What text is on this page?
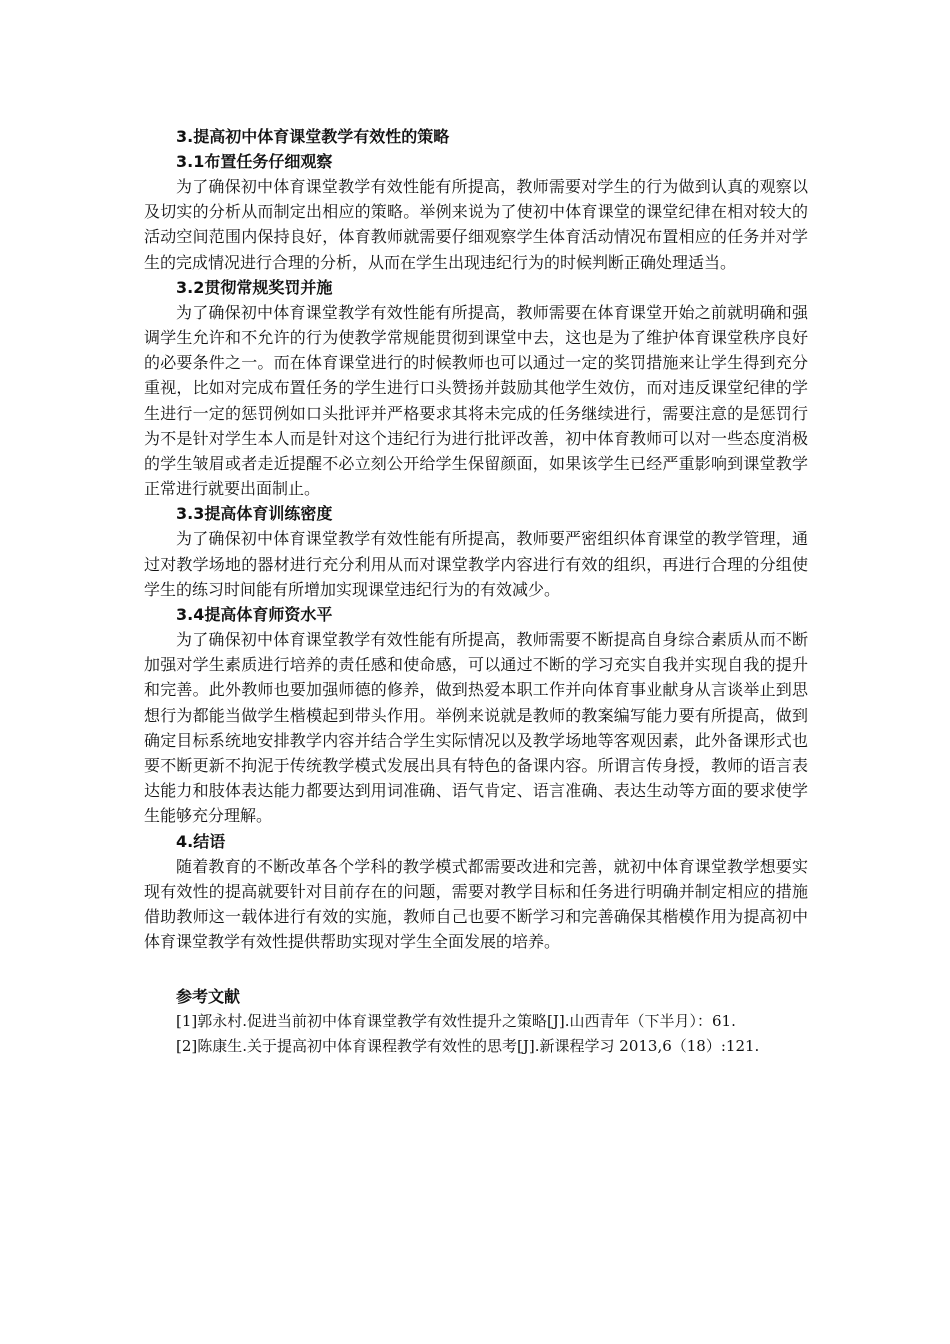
3.提高初中体育课堂教学有效性的策略
3.1布置任务仔细观察

为了确保初中体育课堂教学有效性能有所提高，教师需要对学生的行为做到认真的观察以及切实的分析从而制定出相应的策略。举例来说为了使初中体育课堂的课堂纪律在相对较大的活动空间范围内保持良好，体育教师就需要仔细观察学生体育活动情况布置相应的任务并对学生的完成情况进行合理的分析，从而在学生出现违纪行为的时候判断正确处理适当。

3.2贯彻常规奖罚并施

为了确保初中体育课堂教学有效性能有所提高，教师需要在体育课堂开始之前就明确和强调学生允许和不允许的行为使教学常规能贯彻到课堂中去，这也是为了维护体育课堂秩序良好的必要条件之一。而在体育课堂进行的时候教师也可以通过一定的奖罚措施来让学生得到充分重视，比如对完成布置任务的学生进行口头赞扬并鼓励其他学生效仿，而对违反课堂纪律的学生进行一定的惩罚例如口头批评并严格要求其将未完成的任务继续进行，需要注意的是惩罚行为不是针对学生本人而是针对这个违纪行为进行批评改善，初中体育教师可以对一些态度消极的学生皱眉或者走近提醒不必立刻公开给学生保留颜面，如果该学生已经严重影响到课堂教学正常进行就要出面制止。

3.3提高体育训练密度

为了确保初中体育课堂教学有效性能有所提高，教师要严密组织体育课堂的教学管理，通过对教学场地的器材进行充分利用从而对课堂教学内容进行有效的组织，再进行合理的分组使学生的练习时间能有所增加实现课堂违纪行为的有效减少。

3.4提高体育师资水平

为了确保初中体育课堂教学有效性能有所提高，教师需要不断提高自身综合素质从而不断加强对学生素质进行培养的责任感和使命感，可以通过不断的学习充实自我并实现自我的提升和完善。此外教师也要加强师德的修养，做到热爱本职工作并向体育事业献身从言谈举止到思想行为都能当做学生楷模起到带头作用。举例来说就是教师的教案编写能力要有所提高，做到确定目标系统地安排教学内容并结合学生实际情况以及教学场地等客观因素，此外备课形式也要不断更新不拘泥于传统教学模式发展出具有特色的备课内容。所谓言传身授，教师的语言表达能力和肢体表达能力都要达到用词准确、语气肯定、语言准确、表达生动等方面的要求使学生能够充分理解。

4.结语

随着教育的不断改革各个学科的教学模式都需要改进和完善，就初中体育课堂教学想要实现有效性的提高就要针对目前存在的问题，需要对教学目标和任务进行明确并制定相应的措施借助教师这一载体进行有效的实施，教师自己也要不断学习和完善确保其楷模作用为提高初中体育课堂教学有效性提供帮助实现对学生全面发展的培养。

参考文献

[1]郭永村.促进当前初中体育课堂教学有效性提升之策略[J].山西青年（下半月）：61.

[2]陈康生.关于提高初中体育课程教学有效性的思考[J].新课程学习 2013,6（18）:121.
